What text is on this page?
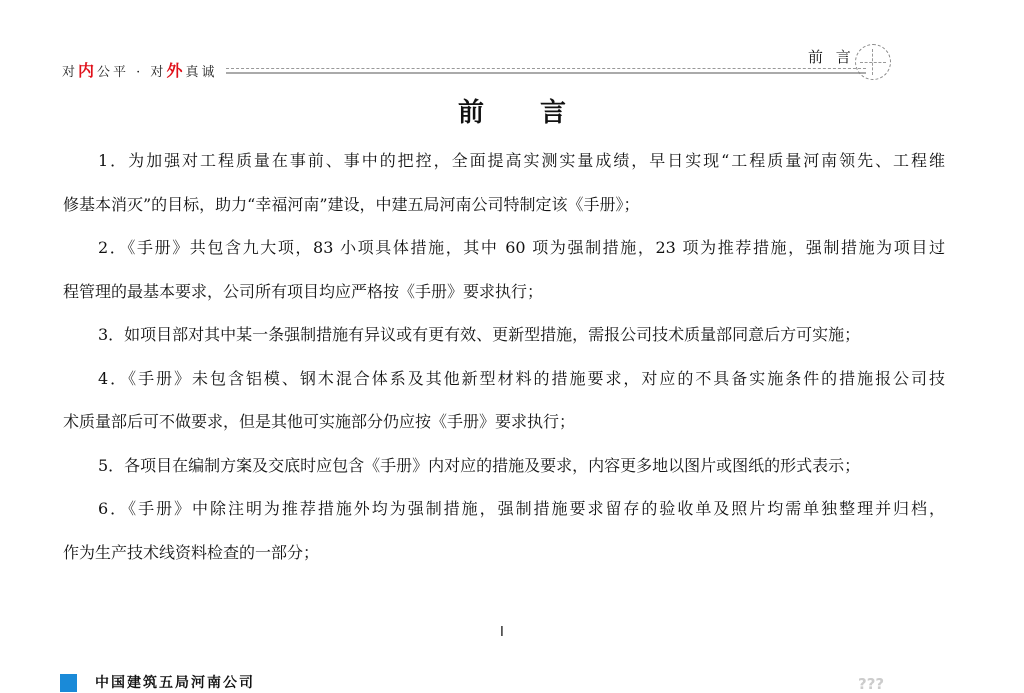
对内公平 · 对外真诚
前 言
前言
1．为加强对工程质量在事前、事中的把控，全面提高实测实量成绩，早日实现“工程质量河南领先、工程维
修基本消灭”的目标，助力“幸福河南”建设，中建五局河南公司特制定该《手册》；
2．《手册》共包含九大项，83 小项具体措施，其中 60 项为强制措施，23 项为推荐措施，强制措施为项目过
程管理的最基本要求，公司所有项目均应严格按《手册》要求执行；
3．如项目部对其中某一条强制措施有异议或有更有效、更新型措施，需报公司技术质量部同意后方可实施；
4．《手册》未包含铝模、钢木混合体系及其他新型材料的措施要求，对应的不具备实施条件的措施报公司技
术质量部后可不做要求，但是其他可实施部分仍应按《手册》要求执行；
5．各项目在编制方案及交底时应包含《手册》内对应的措施及要求，内容更多地以图片或图纸的形式表示；
6．《手册》中除注明为推荐措施外均为强制措施，强制措施要求留存的验收单及照片均需单独整理并归档，
作为生产技术线资料检查的一部分；
I
中国建筑五局河南公司	???
